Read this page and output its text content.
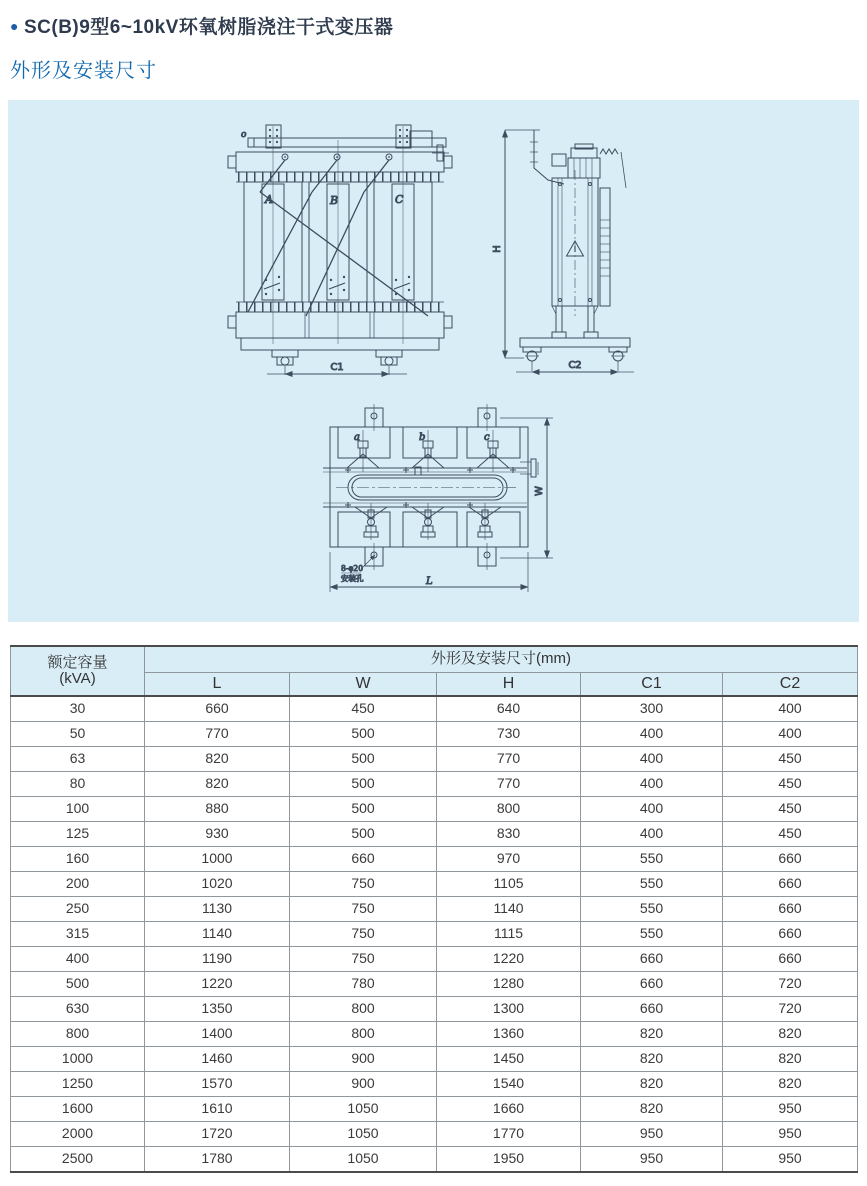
● SC(B)9型6~10kV环氧树脂浇注干式变压器
外形及安装尺寸
o
A	B	C
C1
H
C2
a	b	c
W
L
8-φ20
安装孔
额定容量
(kVA)	外形及安装尺寸(mm)				
	L	W	H	C1	C2
30	660	450	640	300	400
50	770	500	730	400	400
63	820	500	770	400	450
80	820	500	770	400	450
100	880	500	800	400	450
125	930	500	830	400	450
160	1000	660	970	550	660
200	1020	750	1105	550	660
250	1130	750	1140	550	660
315	1140	750	1115	550	660
400	1190	750	1220	660	660
500	1220	780	1280	660	720
630	1350	800	1300	660	720
800	1400	800	1360	820	820
1000	1460	900	1450	820	820
1250	1570	900	1540	820	820
1600	1610	1050	1660	820	950
2000	1720	1050	1770	950	950
2500	1780	1050	1950	950	950
